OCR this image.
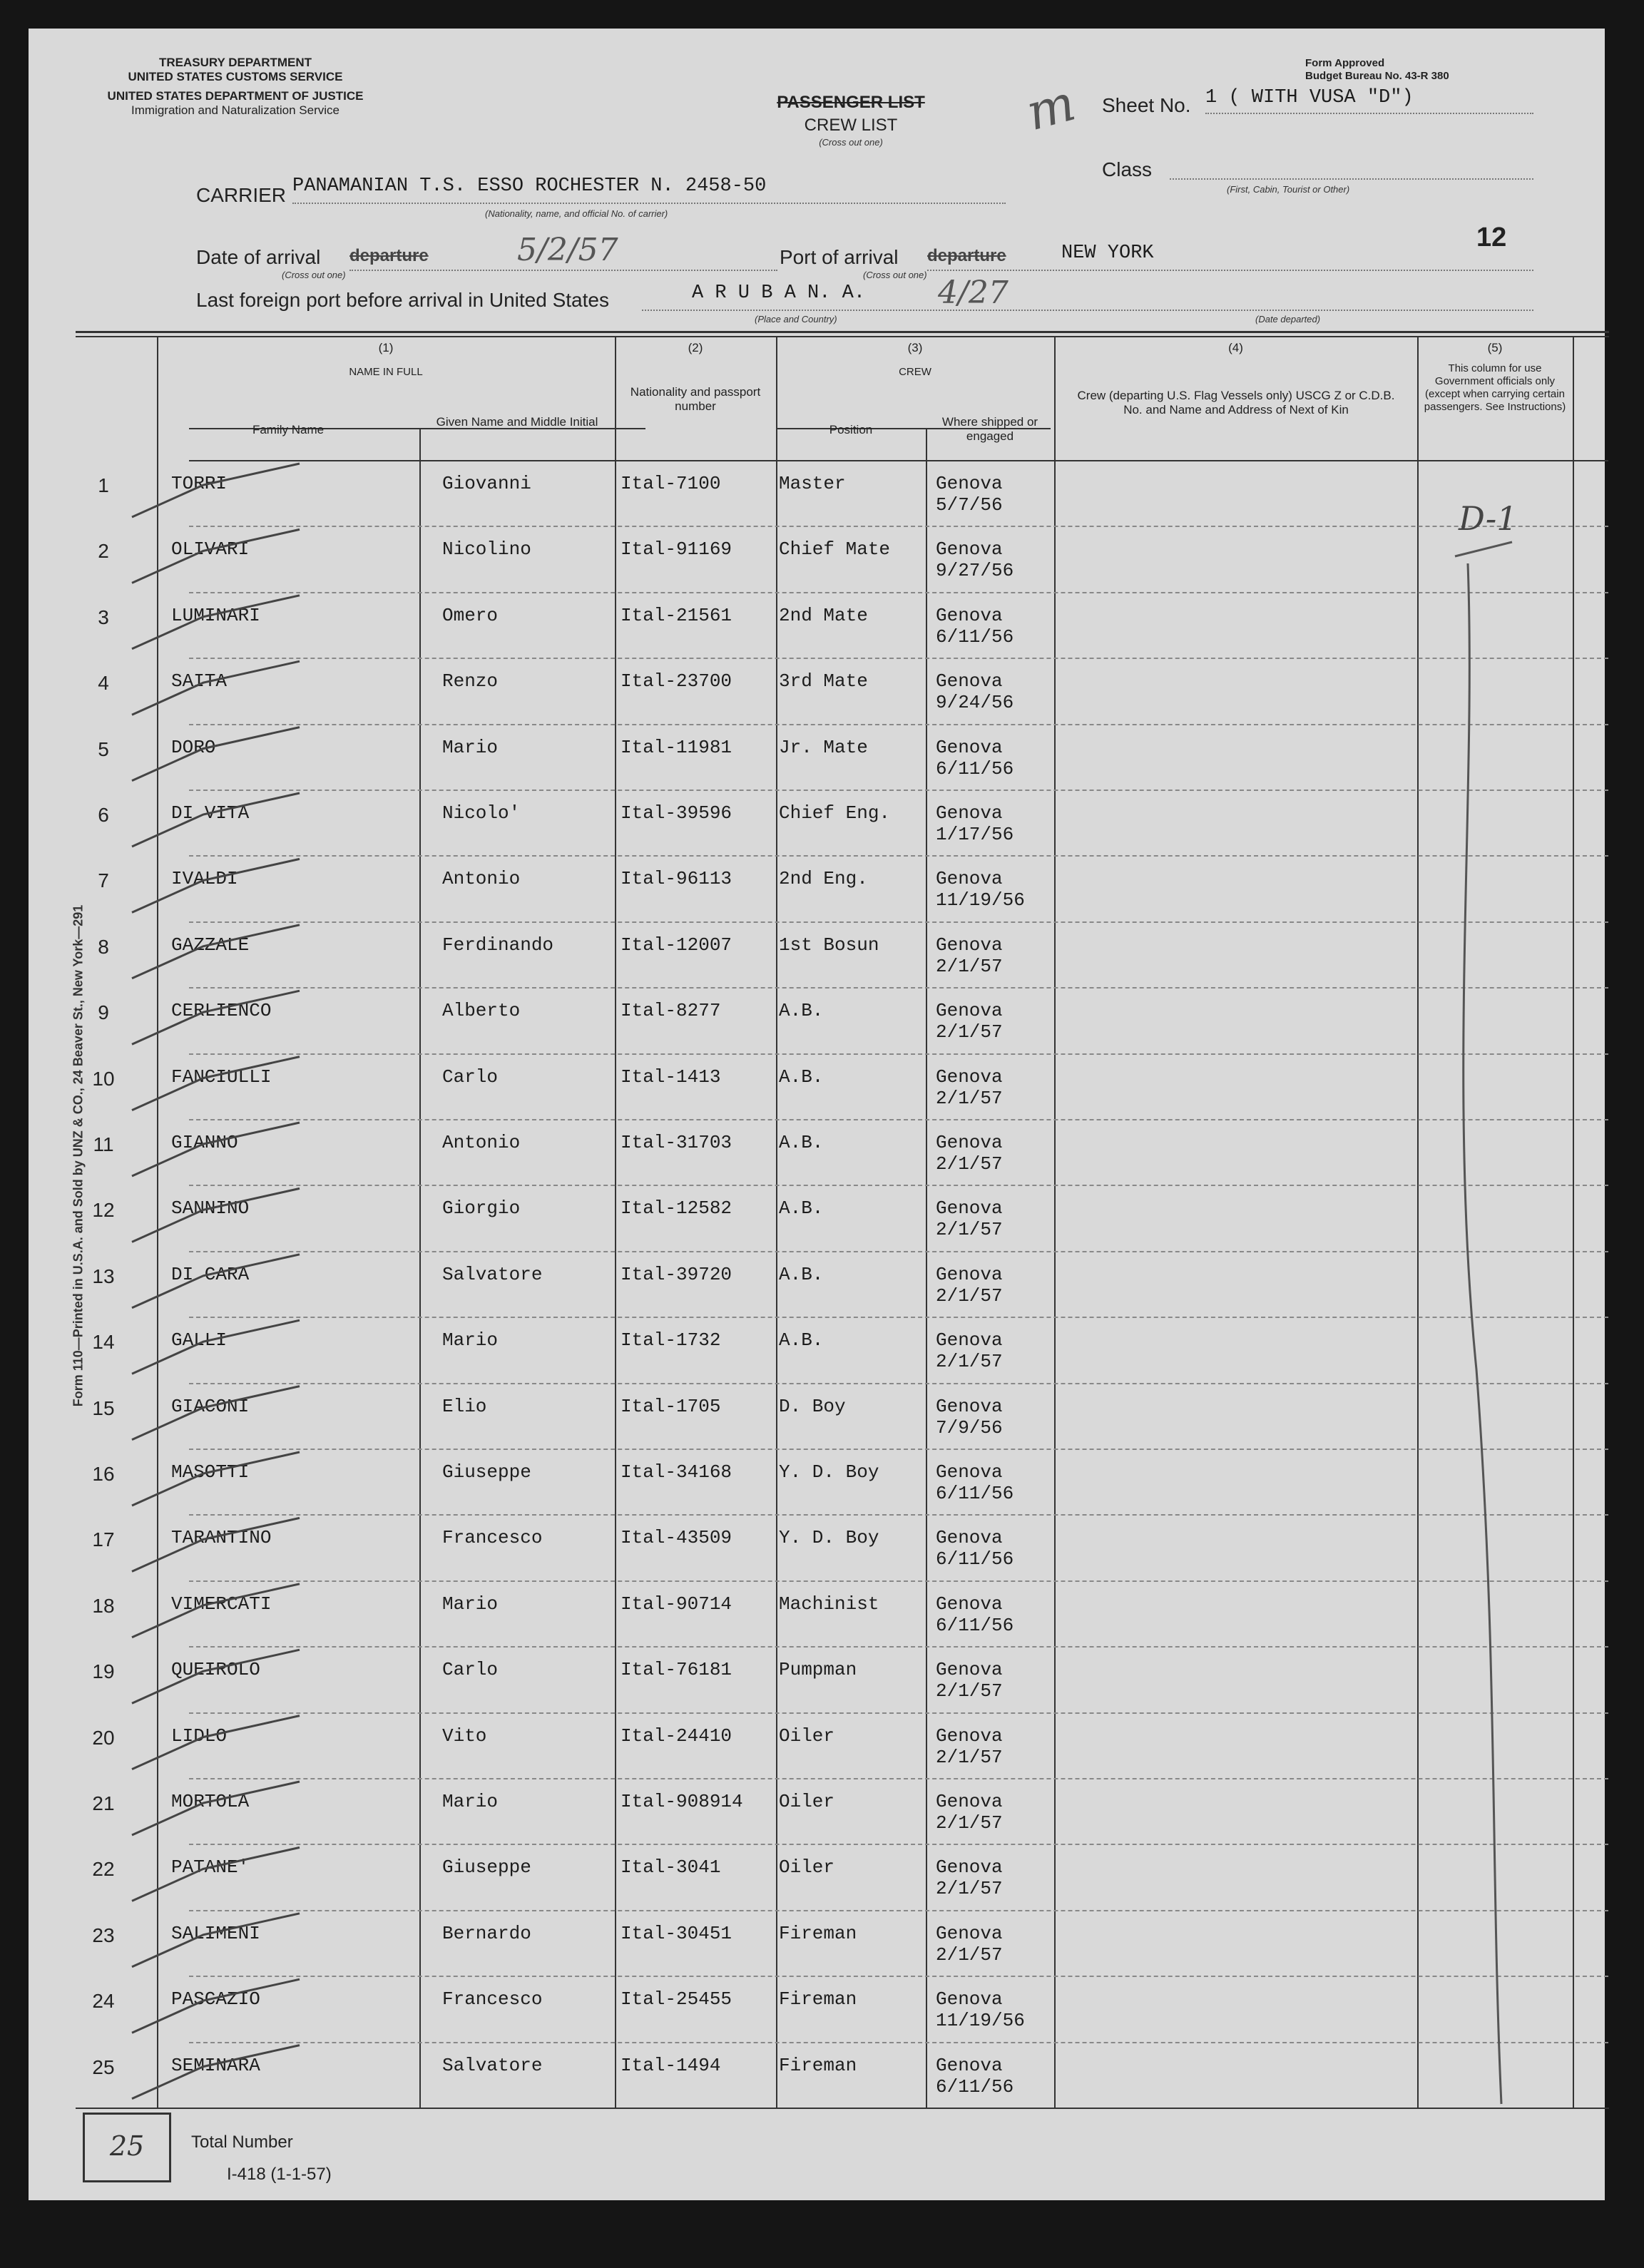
TREASURY DEPARTMENT
UNITED STATES CUSTOMS SERVICE
UNITED STATES DEPARTMENT OF JUSTICE
Immigration and Naturalization Service
Form Approved
Budget Bureau No. 43-R 380
PASSENGER LIST
CREW LIST
(Cross out one)
m Sheet No. 1 ( WITH VUSA "D")
Class
(First, Cabin, Tourist or Other)
CARRIER PANAMANIAN T.S. ESSO ROCHESTER N. 2458-50
(Nationality, name, and official No. of carrier)
12
Date of arrival departure
(Cross out one)
5/2/57	Port of arrival departure
(Cross out one)
NEW YORK
Last foreign port before arrival in United States	A R U B A N. A. 4/27
(Place and Country)	(Date departed)
(1)
NAME IN FULL
Family Name
Given Name and Middle Initial
(2)
Nationality and passport number
(3)
CREW
Position
Where shipped or engaged
(4)
Crew (departing U.S. Flag Vessels only) USCG Z or C.D.B. No. and Name and Address of Next of Kin
(5)
This column for use Government officials only (except when carrying certain passengers. See Instructions)
1	TORRI	Giovanni	Ital-7100	Master	Genova
5/7/56
2	OLIVARI	Nicolino	Ital-91169	Chief Mate Genova
9/27/56
3	LUMINARI	Omero	Ital-21561	2nd Mate	Genova
6/11/56
4	SAITA	Renzo	Ital-23700	3rd Mate	Genova
9/24/56
5	DORO	Mario	Ital-11981	Jr. Mate	Genova
6/11/56
6	DI VITA	Nicolo'	Ital-39596	Chief Eng. Genova
1/17/56
7	IVALDI	Antonio	Ital-96113	2nd Eng.	Genova
11/19/56
8	GAZZALE	Ferdinando	Ital-12007	1st Bosun	Genova
2/1/57
9	CERLIENCO	Alberto	Ital-8277	A.B.	Genova
2/1/57
10	FANCIULLI	Carlo	Ital-1413	A.B.	Genova
2/1/57
11	GIANNO	Antonio	Ital-31703	A.B.	Genova
2/1/57
12	SANNINO	Giorgio	Ital-12582	A.B.	Genova
2/1/57
13	DI CARA	Salvatore	Ital-39720	A.B.	Genova
2/1/57
14	GALLI	Mario	Ital-1732	A.B.	Genova
2/1/57
15	GIACONI	Elio	Ital-1705	D. Boy	Genova
7/9/56
16	MASOTTI	Giuseppe	Ital-34168	Y. D. Boy	Genova
6/11/56
17	TARANTINO	Francesco	Ital-43509	Y. D. Boy	Genova
6/11/56
18	VIMERCATI	Mario	Ital-90714	Machinist	Genova
6/11/56
19	QUEIROLO	Carlo	Ital-76181	Pumpman	Genova
2/1/57
20	LIDLO	Vito	Ital-24410	Oiler	Genova
2/1/57
21	MORTOLA	Mario	Ital-908914 Oiler	Genova
2/1/57
22	PATANE'	Giuseppe	Ital-3041	Oiler	Genova
2/1/57
23	SALIMENI	Bernardo	Ital-30451	Fireman	Genova
2/1/57
24	PASCAZIO	Francesco	Ital-25455	Fireman	Genova
11/19/56
25	SEMINARA	Salvatore	Ital-1494	Fireman	Genova
6/11/56
D-1
25	Total Number
I-418 (1-1-57)
Form 110—Printed in U.S.A. and Sold by UNZ & CO., 24 Beaver St., New York—291
